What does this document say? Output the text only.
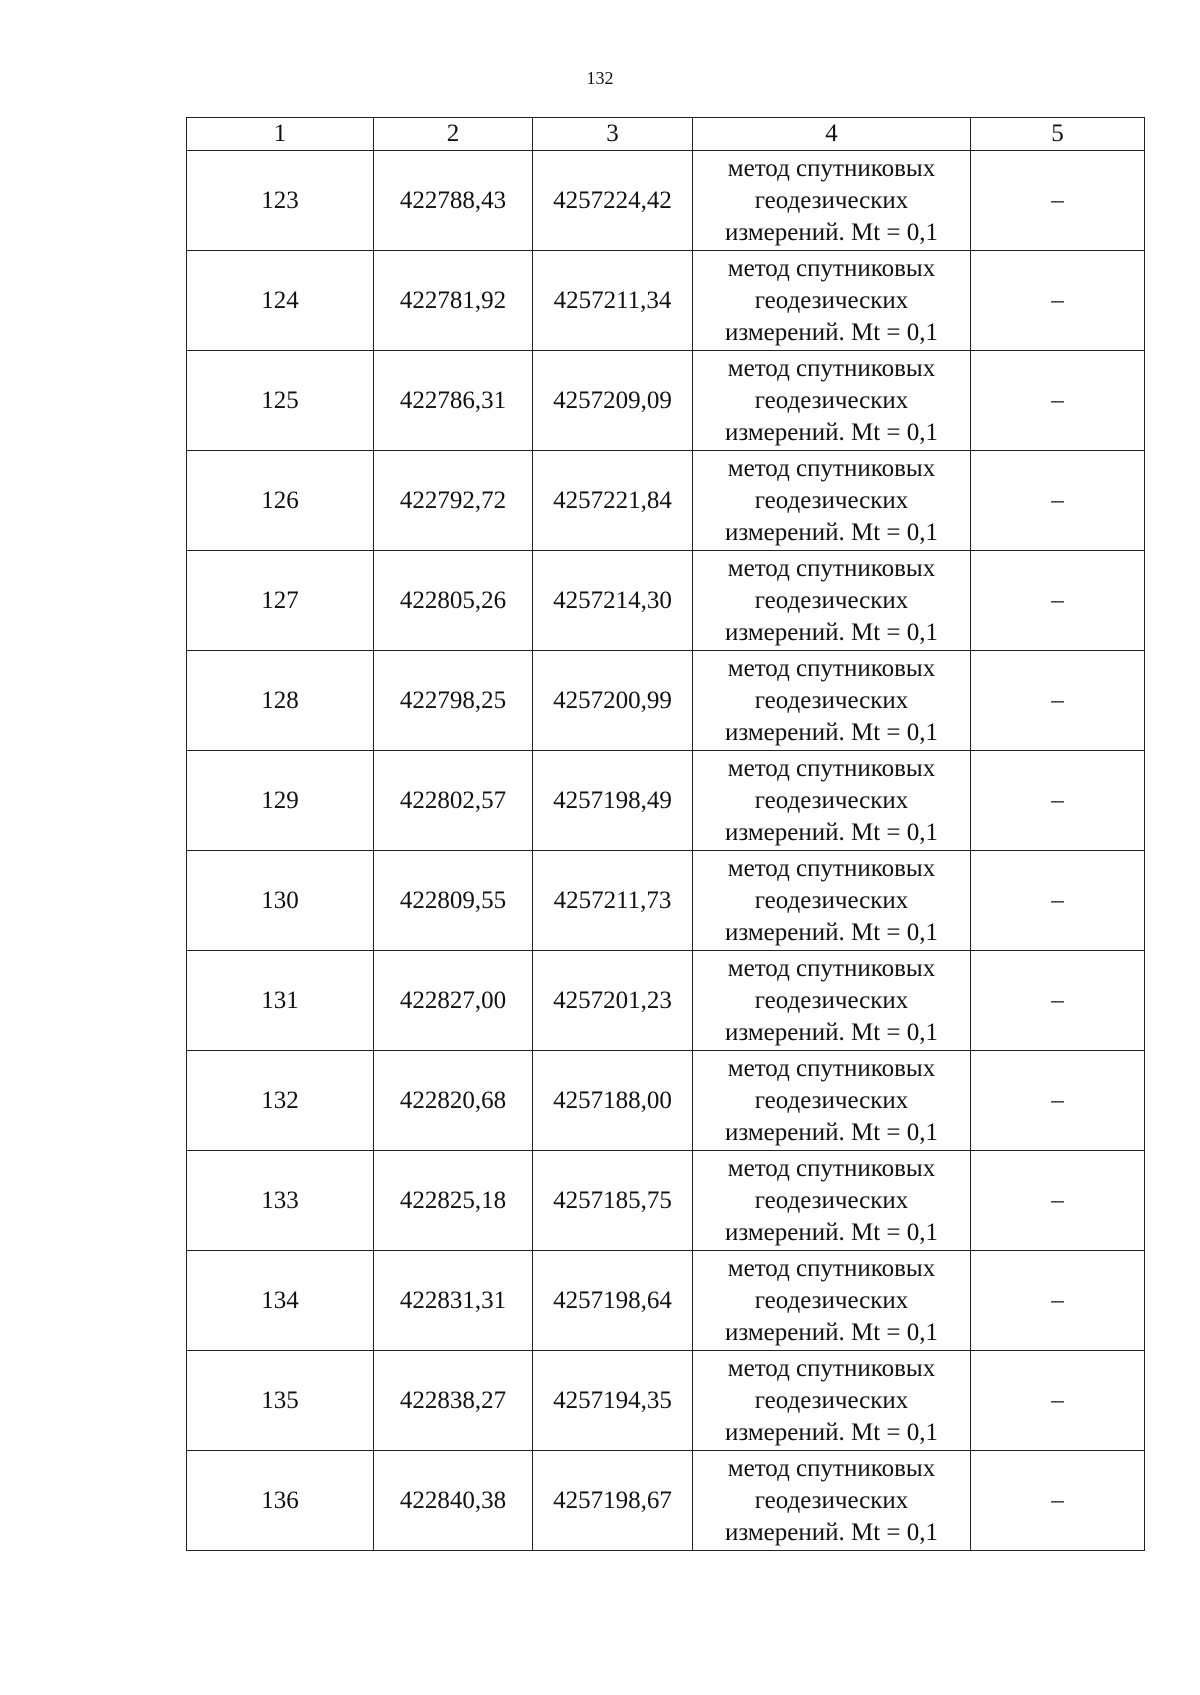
132
1	2	3	4	5
123	422788,43	4257224,42	метод спутниковых
геодезических
измерений. Mt = 0,1	–
124	422781,92	4257211,34	метод спутниковых
геодезических
измерений. Mt = 0,1	–
125	422786,31	4257209,09	метод спутниковых
геодезических
измерений. Mt = 0,1	–
126	422792,72	4257221,84	метод спутниковых
геодезических
измерений. Mt = 0,1	–
127	422805,26	4257214,30	метод спутниковых
геодезических
измерений. Mt = 0,1	–
128	422798,25	4257200,99	метод спутниковых
геодезических
измерений. Mt = 0,1	–
129	422802,57	4257198,49	метод спутниковых
геодезических
измерений. Mt = 0,1	–
130	422809,55	4257211,73	метод спутниковых
геодезических
измерений. Mt = 0,1	–
131	422827,00	4257201,23	метод спутниковых
геодезических
измерений. Mt = 0,1	–
132	422820,68	4257188,00	метод спутниковых
геодезических
измерений. Mt = 0,1	–
133	422825,18	4257185,75	метод спутниковых
геодезических
измерений. Mt = 0,1	–
134	422831,31	4257198,64	метод спутниковых
геодезических
измерений. Mt = 0,1	–
135	422838,27	4257194,35	метод спутниковых
геодезических
измерений. Mt = 0,1	–
136	422840,38	4257198,67	метод спутниковых
геодезических
измерений. Mt = 0,1	–
